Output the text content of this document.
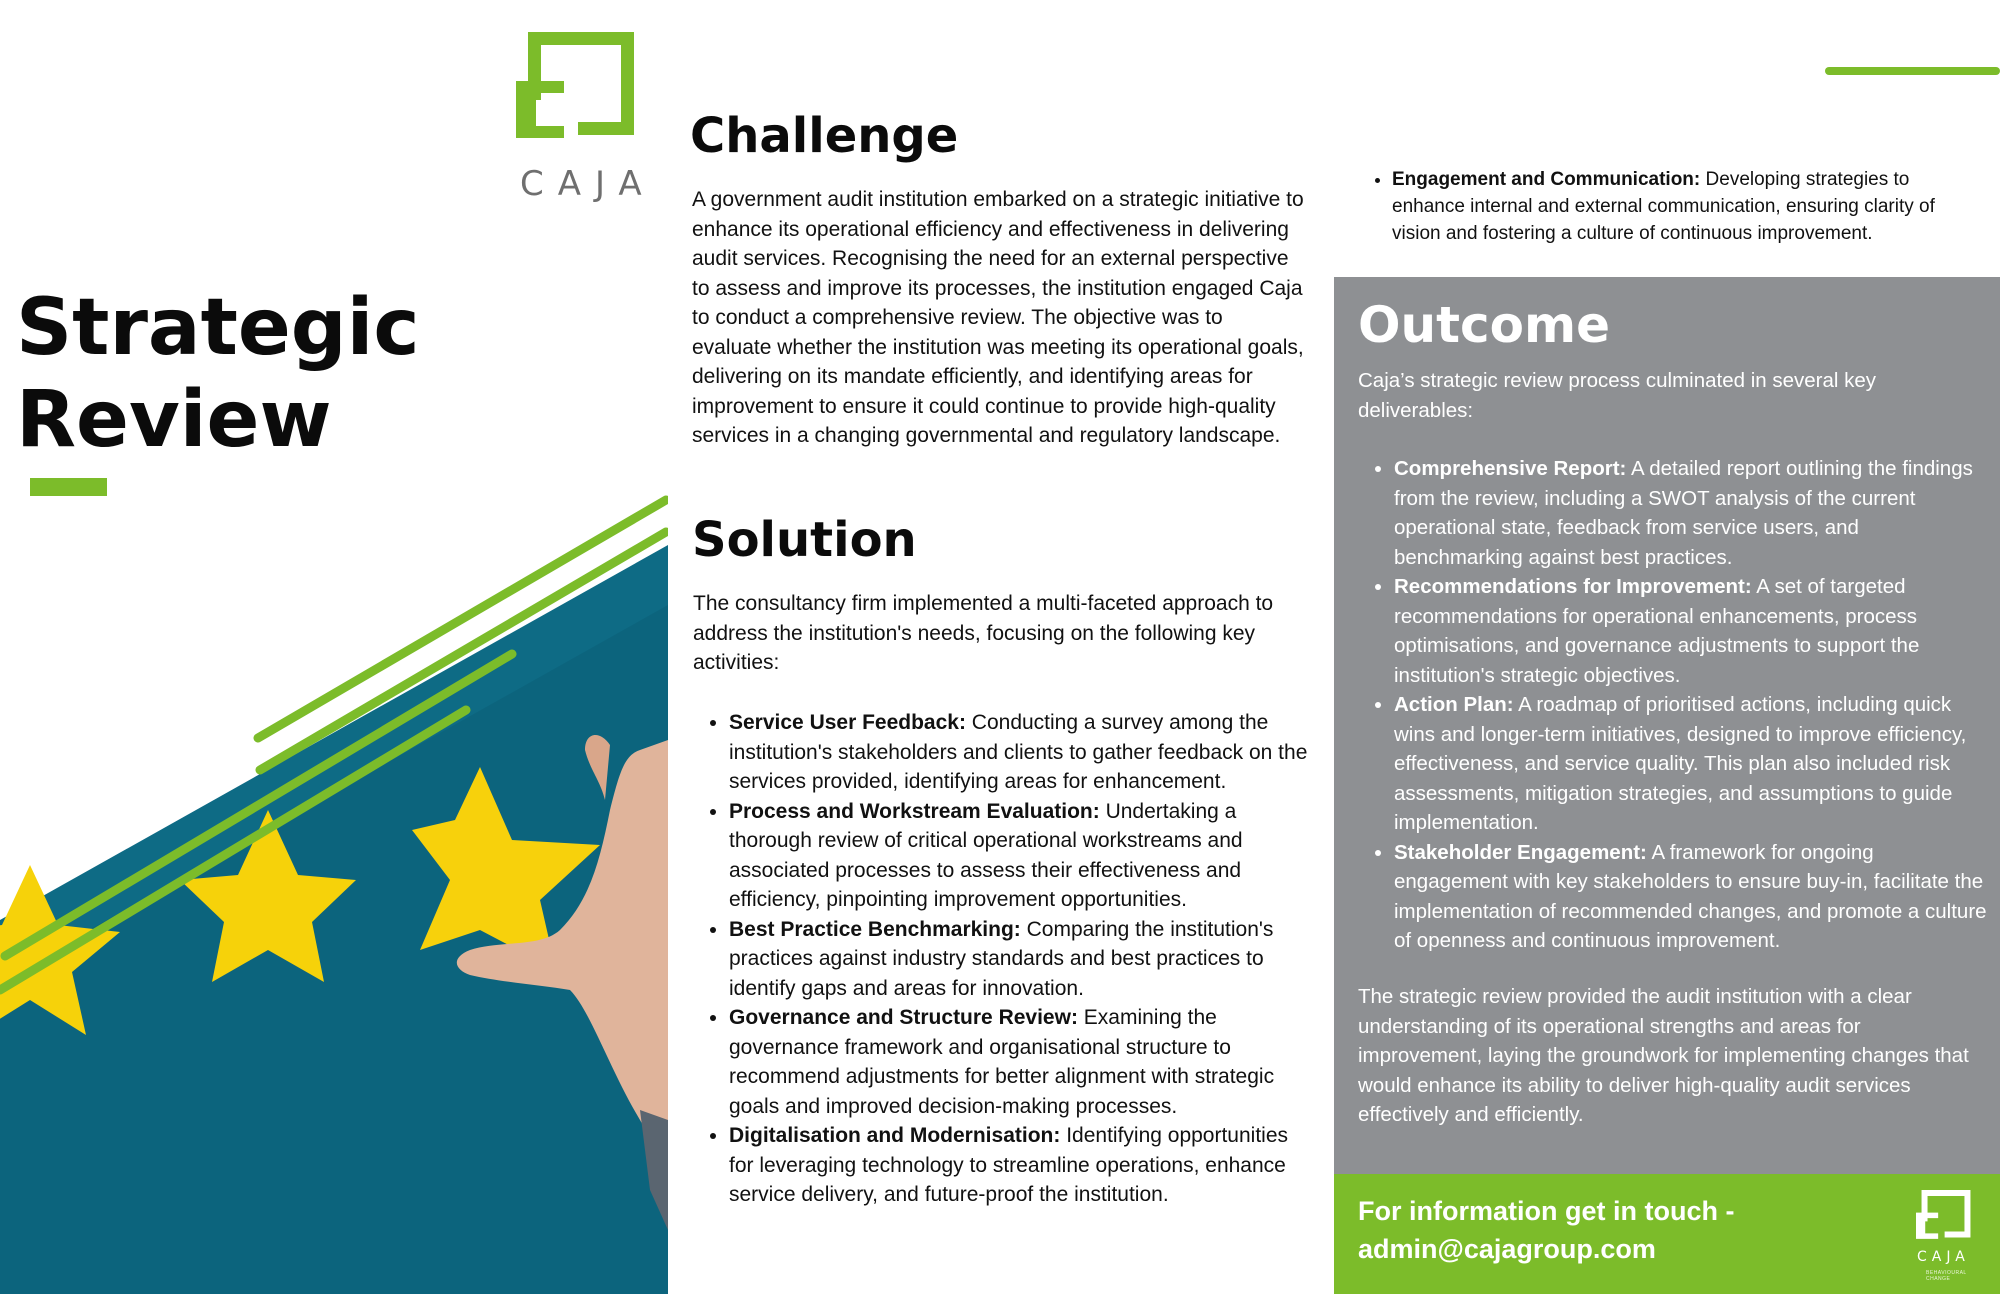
CAJA
Strategic
Review
Challenge
A government audit institution embarked on a strategic initiative to enhance its operational efficiency and effectiveness in delivering audit services. Recognising the need for an external perspective to assess and improve its processes, the institution engaged Caja to conduct a comprehensive review. The objective was to evaluate whether the institution was meeting its operational goals, delivering on its mandate efficiently, and identifying areas for improvement to ensure it could continue to provide high-quality services in a changing governmental and regulatory landscape.
Solution
The consultancy firm implemented a multi-faceted approach to address the institution's needs, focusing on the following key activities:
• Service User Feedback: Conducting a survey among the institution's stakeholders and clients to gather feedback on the services provided, identifying areas for enhancement.
• Process and Workstream Evaluation: Undertaking a thorough review of critical operational workstreams and associated processes to assess their effectiveness and efficiency, pinpointing improvement opportunities.
• Best Practice Benchmarking: Comparing the institution's practices against industry standards and best practices to identify gaps and areas for innovation.
• Governance and Structure Review: Examining the governance framework and organisational structure to recommend adjustments for better alignment with strategic goals and improved decision-making processes.
• Digitalisation and Modernisation: Identifying opportunities for leveraging technology to streamline operations, enhance service delivery, and future-proof the institution.
• Engagement and Communication: Developing strategies to enhance internal and external communication, ensuring clarity of vision and fostering a culture of continuous improvement.
Outcome
Caja’s strategic review process culminated in several key deliverables:
• Comprehensive Report: A detailed report outlining the findings from the review, including a SWOT analysis of the current operational state, feedback from service users, and benchmarking against best practices.
• Recommendations for Improvement: A set of targeted recommendations for operational enhancements, process optimisations, and governance adjustments to support the institution's strategic objectives.
• Action Plan: A roadmap of prioritised actions, including quick wins and longer-term initiatives, designed to improve efficiency, effectiveness, and service quality. This plan also included risk assessments, mitigation strategies, and assumptions to guide implementation.
• Stakeholder Engagement: A framework for ongoing engagement with key stakeholders to ensure buy-in, facilitate the implementation of recommended changes, and promote a culture of openness and continuous improvement.
The strategic review provided the audit institution with a clear understanding of its operational strengths and areas for improvement, laying the groundwork for implementing changes that would enhance its ability to deliver high-quality audit services effectively and efficiently.
For information get in touch -
admin@cajagroup.com	CAJA
BEHAVIOURAL CHANGE
